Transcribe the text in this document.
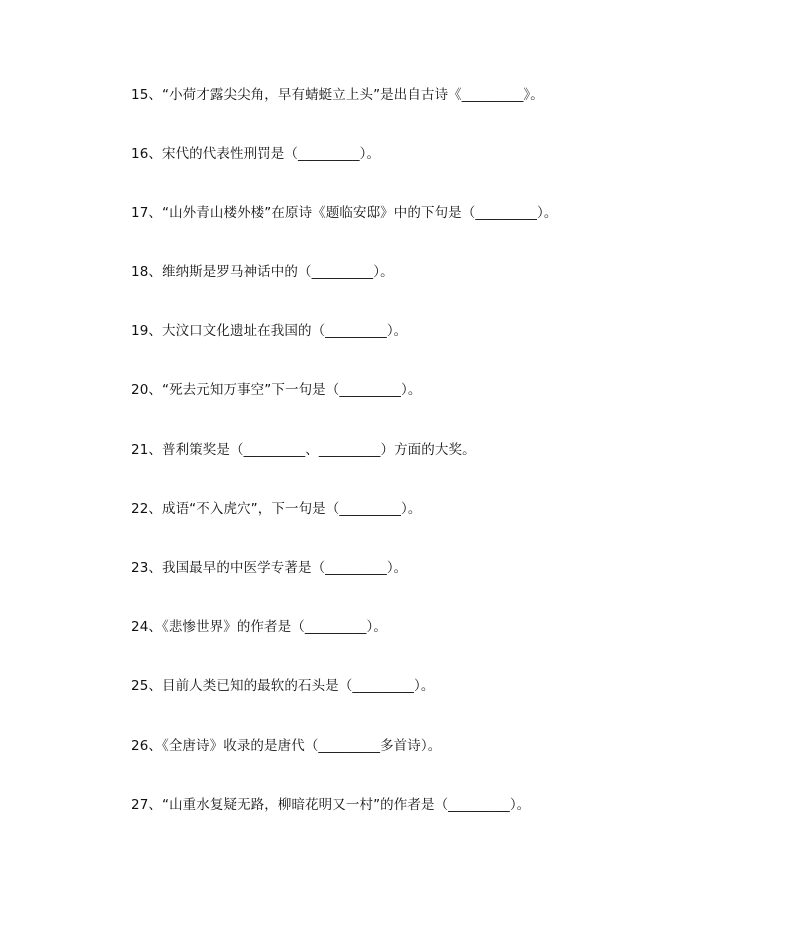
15、“小荷才露尖尖角，早有蜻蜓立上头”是出自古诗《_________》。
16、宋代的代表性刑罚是（_________）。
17、“山外青山楼外楼”在原诗《题临安邸》中的下句是（_________）。
18、维纳斯是罗马神话中的（_________）。
19、大汶口文化遗址在我国的（_________）。
20、“死去元知万事空”下一句是（_________）。
21、普利策奖是（_________、_________）方面的大奖。
22、成语“不入虎穴”，下一句是（_________）。
23、我国最早的中医学专著是（_________）。
24、《悲惨世界》的作者是（_________）。
25、目前人类已知的最软的石头是（_________）。
26、《全唐诗》收录的是唐代（_________多首诗）。
27、“山重水复疑无路，柳暗花明又一村”的作者是（_________）。
